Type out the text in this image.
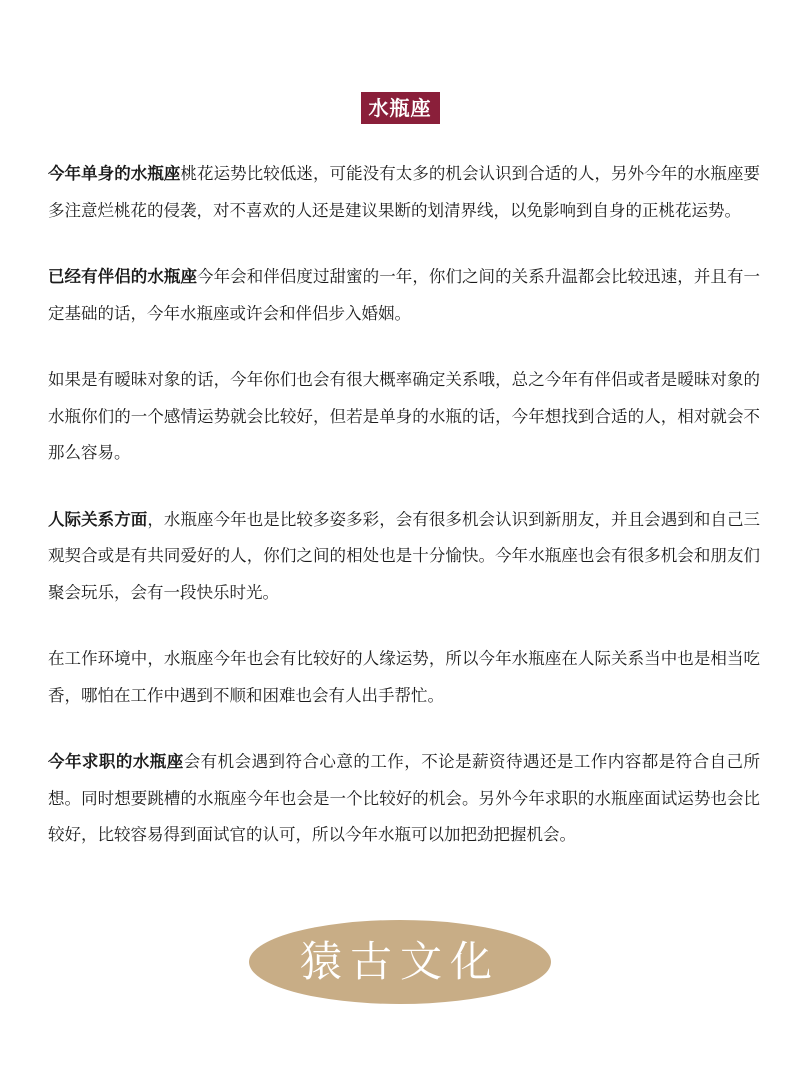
水瓶座

今年单身的水瓶座桃花运势比较低迷，可能没有太多的机会认识到合适的人，另外今年的水瓶座要多注意烂桃花的侵袭，对不喜欢的人还是建议果断的划清界线，以免影响到自身的正桃花运势。

已经有伴侣的水瓶座今年会和伴侣度过甜蜜的一年，你们之间的关系升温都会比较迅速，并且有一定基础的话，今年水瓶座或许会和伴侣步入婚姻。

如果是有暧昧对象的话，今年你们也会有很大概率确定关系哦，总之今年有伴侣或者是暧昧对象的水瓶你们的一个感情运势就会比较好，但若是单身的水瓶的话，今年想找到合适的人，相对就会不那么容易。

人际关系方面，水瓶座今年也是比较多姿多彩，会有很多机会认识到新朋友，并且会遇到和自己三观契合或是有共同爱好的人，你们之间的相处也是十分愉快。今年水瓶座也会有很多机会和朋友们聚会玩乐，会有一段快乐时光。

在工作环境中，水瓶座今年也会有比较好的人缘运势，所以今年水瓶座在人际关系当中也是相当吃香，哪怕在工作中遇到不顺和困难也会有人出手帮忙。

今年求职的水瓶座会有机会遇到符合心意的工作，不论是薪资待遇还是工作内容都是符合自己所想。同时想要跳槽的水瓶座今年也会是一个比较好的机会。另外今年求职的水瓶座面试运势也会比较好，比较容易得到面试官的认可，所以今年水瓶可以加把劲把握机会。

猿古文化
